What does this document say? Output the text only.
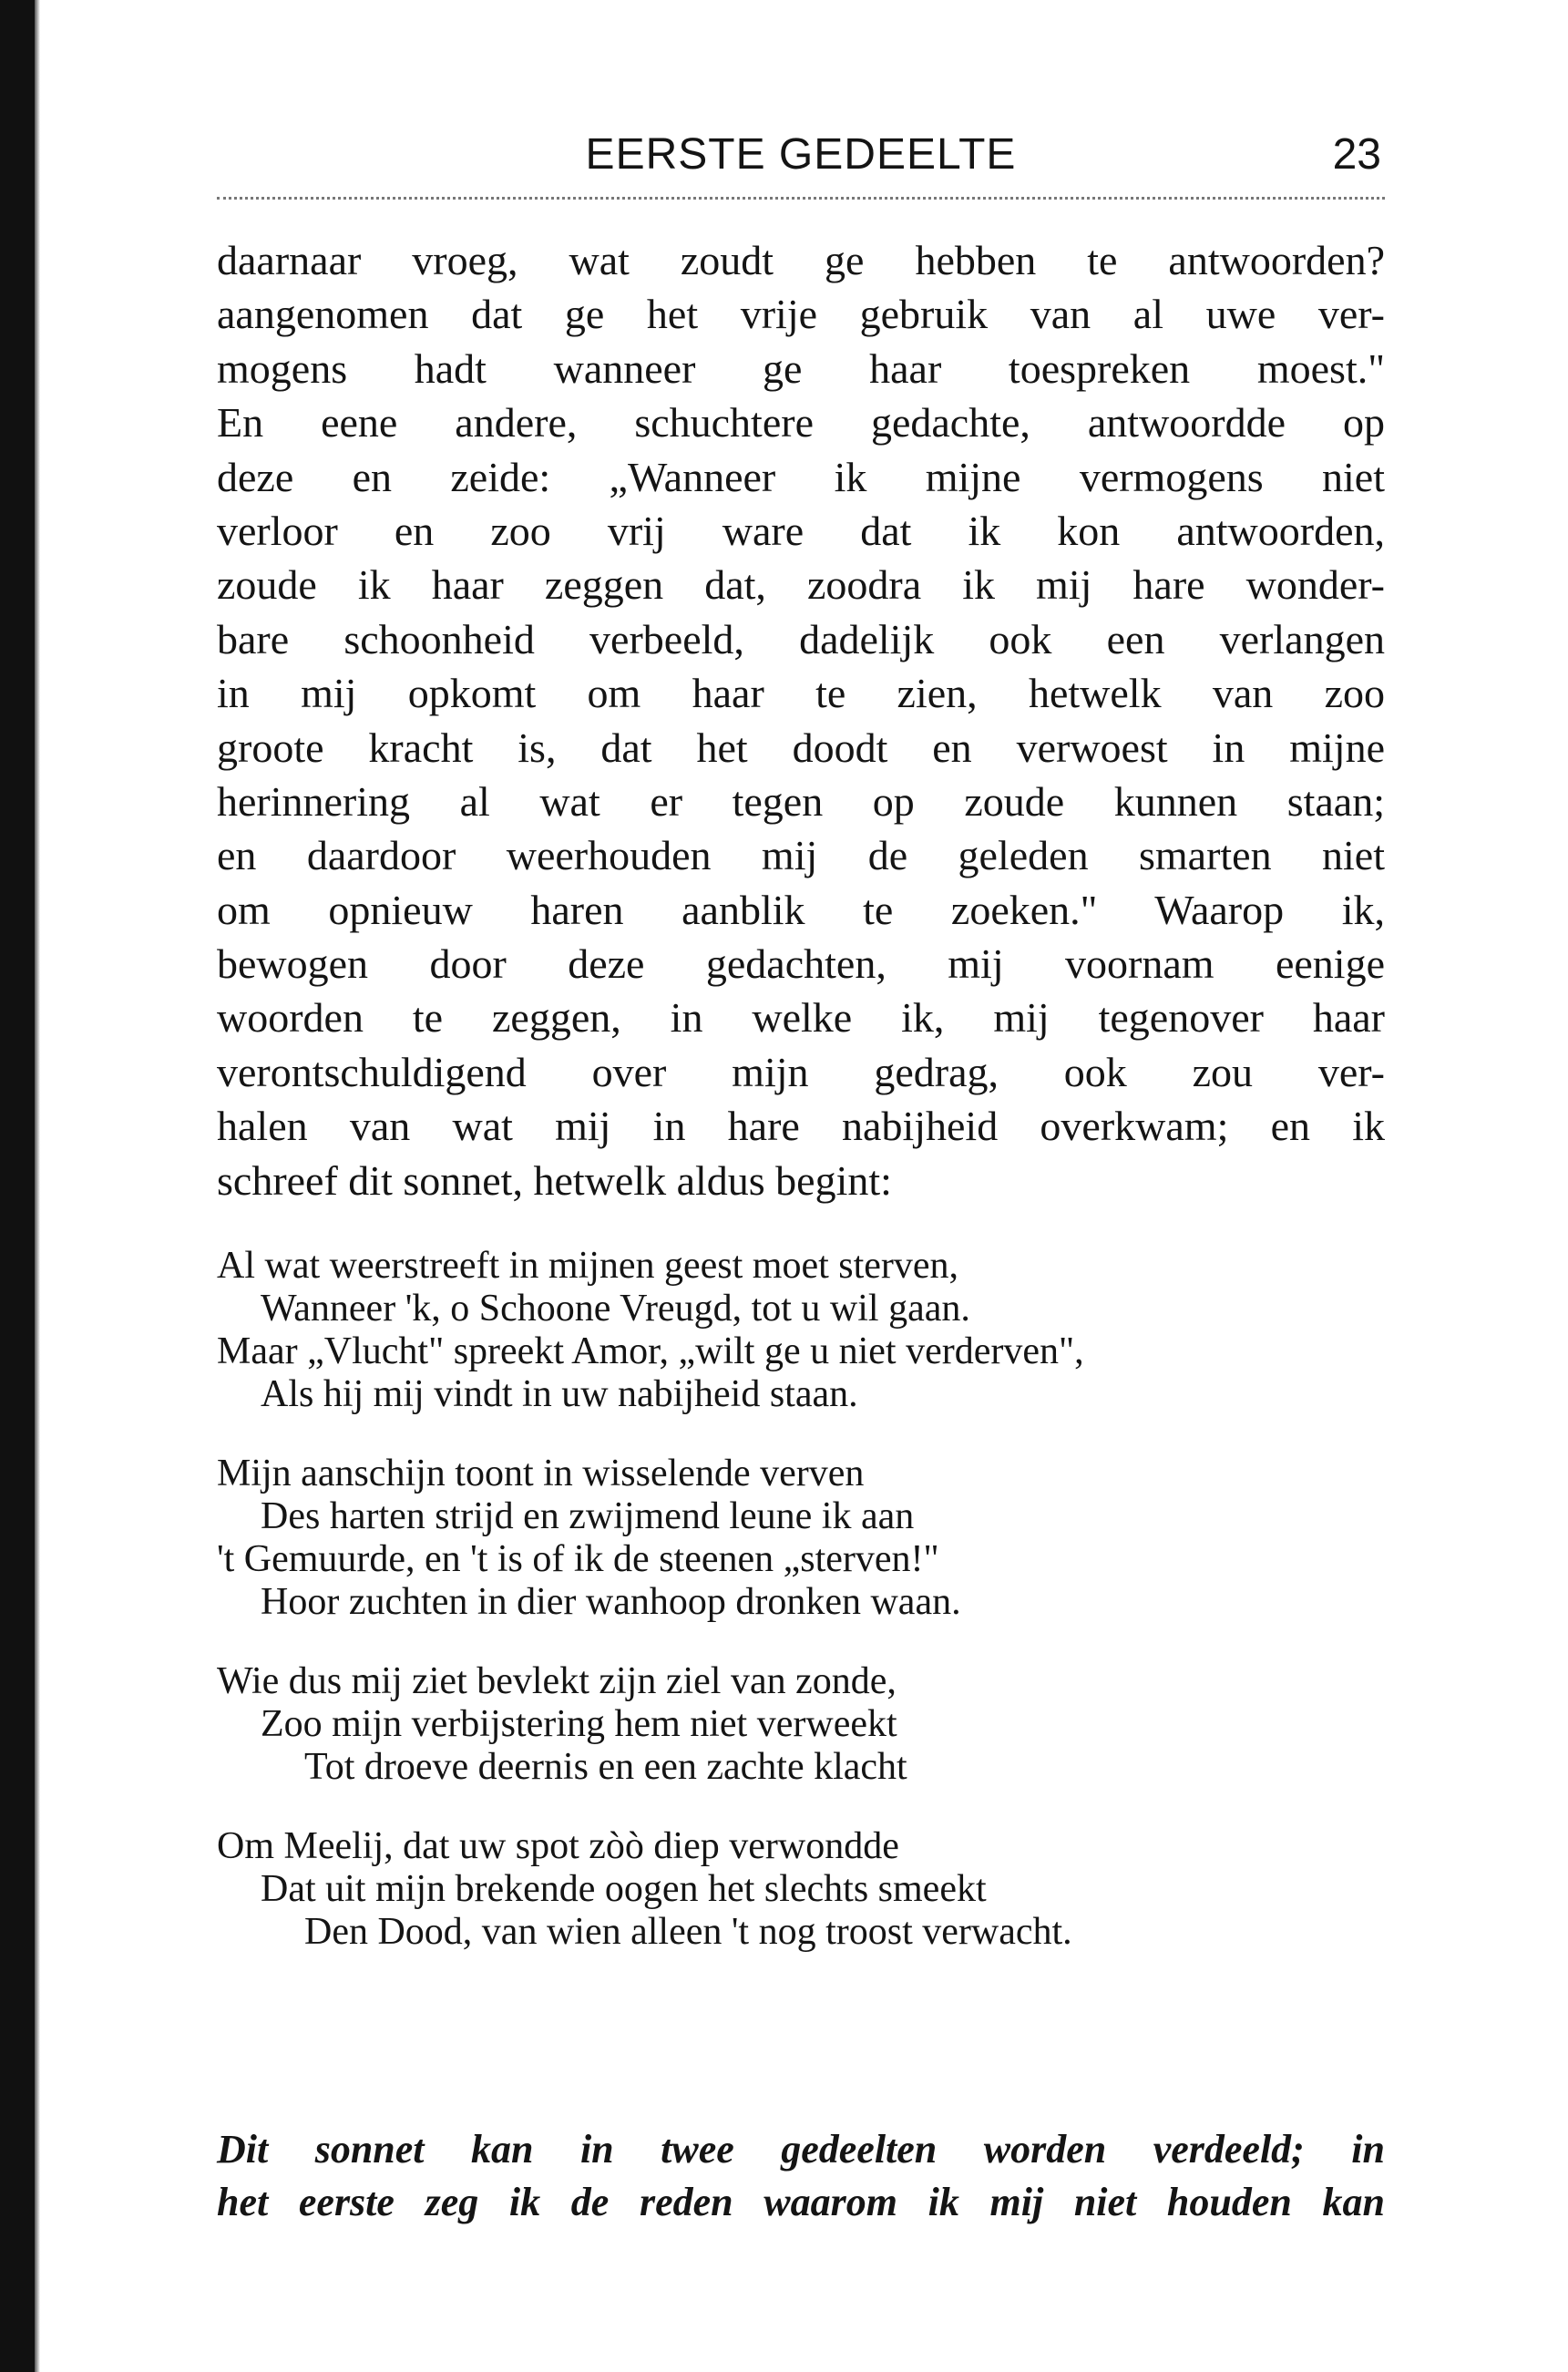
EERSTE GEDEELTE	23
daarnaar vroeg, wat zoudt ge hebben te antwoorden?
aangenomen dat ge het vrije gebruik van al uwe ver-
mogens hadt wanneer ge haar toespreken moest."
En eene andere, schuchtere gedachte, antwoordde op
deze en zeide: „Wanneer ik mijne vermogens niet
verloor en zoo vrij ware dat ik kon antwoorden,
zoude ik haar zeggen dat, zoodra ik mij hare wonder-
bare schoonheid verbeeld, dadelijk ook een verlangen
in mij opkomt om haar te zien, hetwelk van zoo
groote kracht is, dat het doodt en verwoest in mijne
herinnering al wat er tegen op zoude kunnen staan;
en daardoor weerhouden mij de geleden smarten niet
om opnieuw haren aanblik te zoeken." Waarop ik,
bewogen door deze gedachten, mij voornam eenige
woorden te zeggen, in welke ik, mij tegenover haar
verontschuldigend over mijn gedrag, ook zou ver-
halen van wat mij in hare nabijheid overkwam; en ik
schreef dit sonnet, hetwelk aldus begint:
Al wat weerstreeft in mijnen geest moet sterven,
Wanneer 'k, o Schoone Vreugd, tot u wil gaan.
Maar „Vlucht" spreekt Amor, „wilt ge u niet verderven",
Als hij mij vindt in uw nabijheid staan.
Mijn aanschijn toont in wisselende verven
Des harten strijd en zwijmend leune ik aan
't Gemuurde, en 't is of ik de steenen „sterven!"
Hoor zuchten in dier wanhoop dronken waan.
Wie dus mij ziet bevlekt zijn ziel van zonde,
Zoo mijn verbijstering hem niet verweekt
Tot droeve deernis en een zachte klacht
Om Meelij, dat uw spot zòò diep verwondde
Dat uit mijn brekende oogen het slechts smeekt
Den Dood, van wien alleen 't nog troost verwacht.
Dit sonnet kan in twee gedeelten worden verdeeld; in
het eerste zeg ik de reden waarom ik mij niet houden kan
